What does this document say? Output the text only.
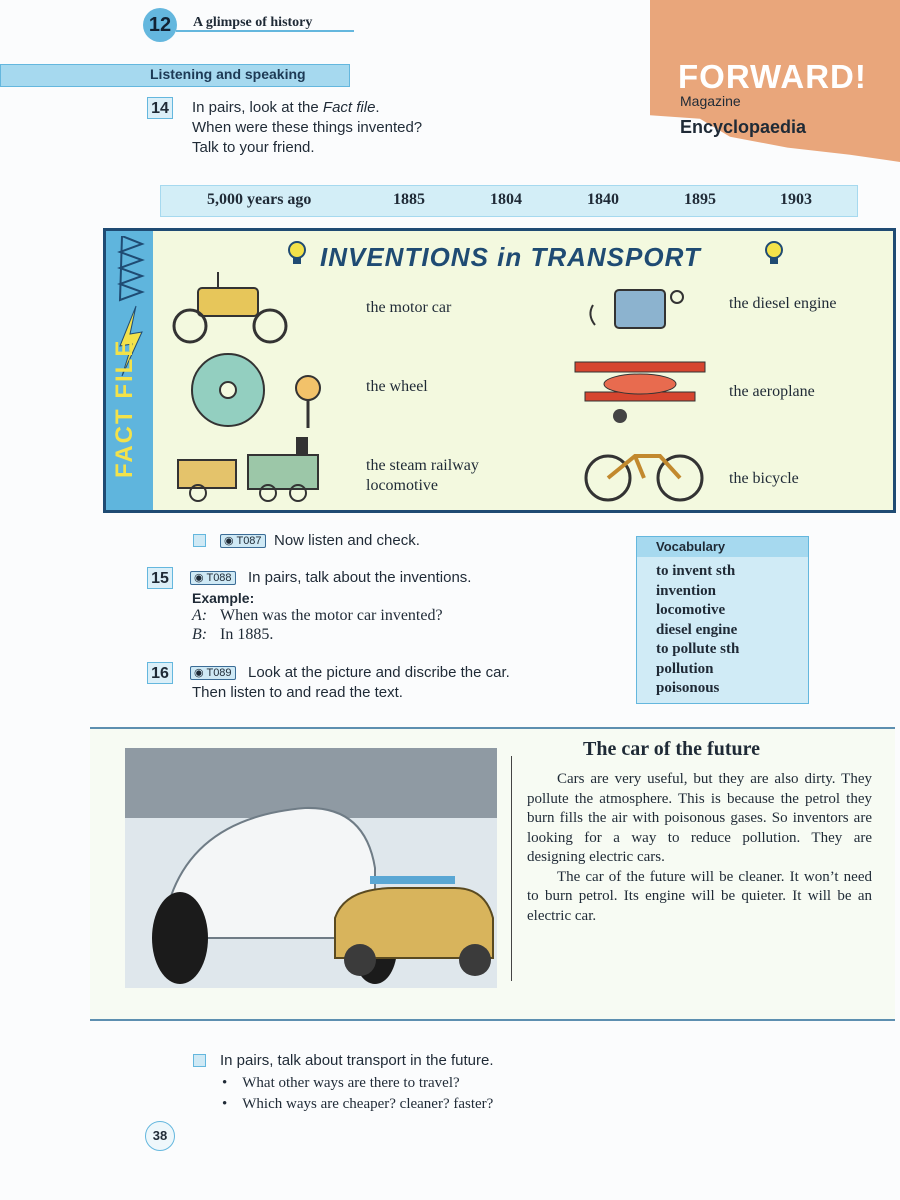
12	A glimpse of history
Listening and speaking	FORWARD!
Magazine
Encyclopaedia
14 In pairs, look at the Fact file.
When were these things invented?
Talk to your friend.
5,000 years ago	1885	1804	1840	1895	1903
FACT FILE
INVENTIONS in TRANSPORT
the motor car
the wheel
the steam railway
locomotive
the diesel engine
the aeroplane
the bicycle
◉ T087 Now listen and check.
15	◉ T088 In pairs, talk about the inventions.
Example:
A: When was the motor car invented?
B: In 1885.
16	◉ T089 Look at the picture and discribe the car.
Then listen to and read the text.
Vocabulary
to invent sth
invention
locomotive
diesel engine
to pollute sth
pollution
poisonous
The car of the future

Cars are very useful, but they are also dirty. They pollute the atmosphere. This is because the petrol they burn fills the air with poisonous gases. So inventors are looking for a way to reduce pollution. They are designing electric cars.

The car of the future will be cleaner. It won’t need to burn petrol. Its engine will be quieter. It will be an electric car.

In pairs, talk about transport in the future.
•    What other ways are there to travel?
•    Which ways are cheaper? cleaner? faster?
38
